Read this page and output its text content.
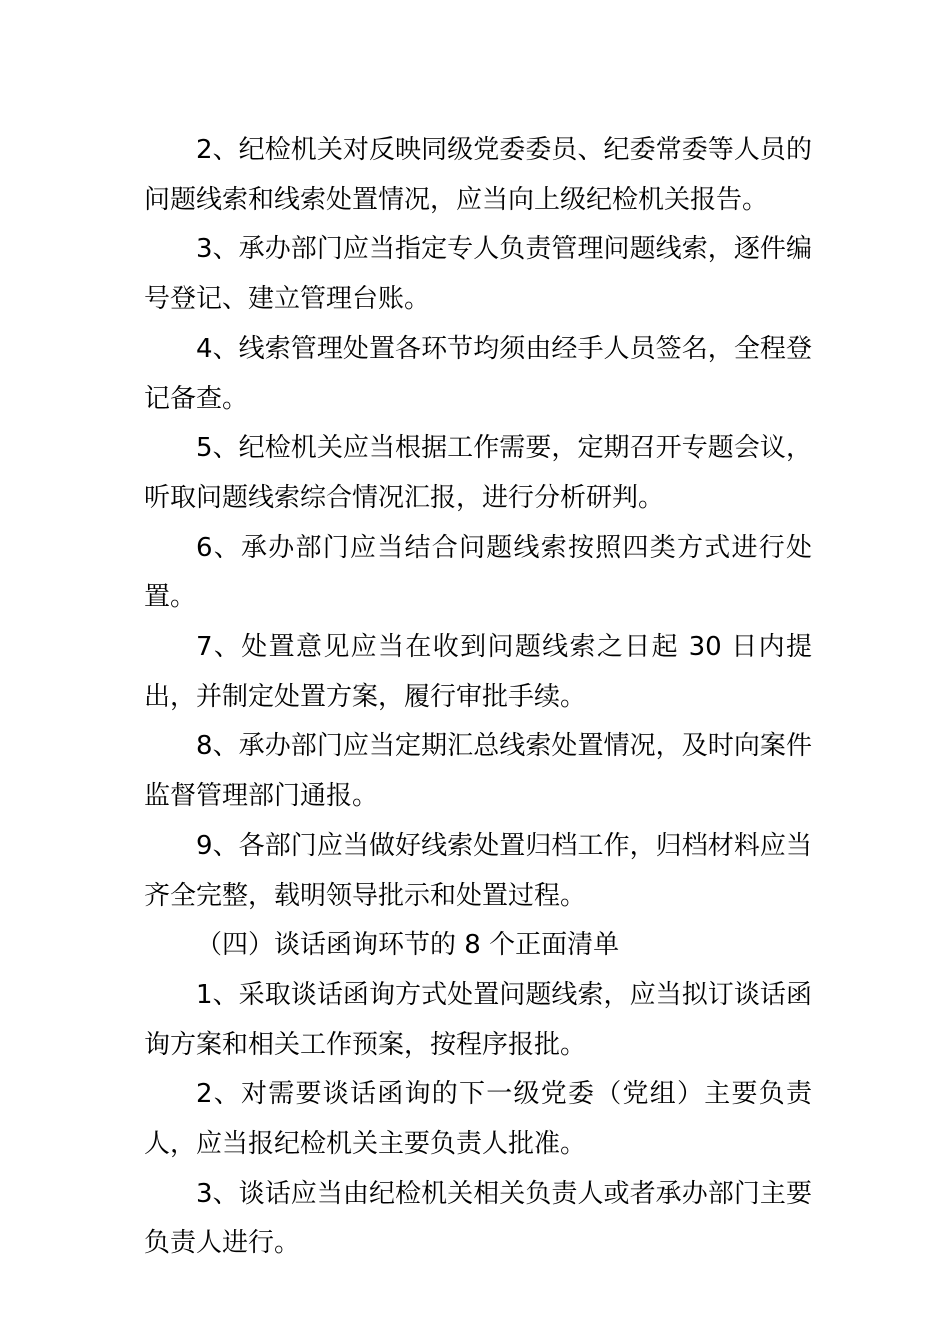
2、纪检机关对反映同级党委委员、纪委常委等人员的问题线索和线索处置情况，应当向上级纪检机关报告。

3、承办部门应当指定专人负责管理问题线索，逐件编号登记、建立管理台账。

4、线索管理处置各环节均须由经手人员签名，全程登记备查。

5、纪检机关应当根据工作需要，定期召开专题会议，听取问题线索综合情况汇报，进行分析研判。

6、承办部门应当结合问题线索按照四类方式进行处置。

7、处置意见应当在收到问题线索之日起 30 日内提出，并制定处置方案，履行审批手续。

8、承办部门应当定期汇总线索处置情况，及时向案件监督管理部门通报。

9、各部门应当做好线索处置归档工作，归档材料应当齐全完整，载明领导批示和处置过程。

（四）谈话函询环节的 8 个正面清单

1、采取谈话函询方式处置问题线索，应当拟订谈话函询方案和相关工作预案，按程序报批。

2、对需要谈话函询的下一级党委（党组）主要负责人，应当报纪检机关主要负责人批准。

3、谈话应当由纪检机关相关负责人或者承办部门主要负责人进行。
